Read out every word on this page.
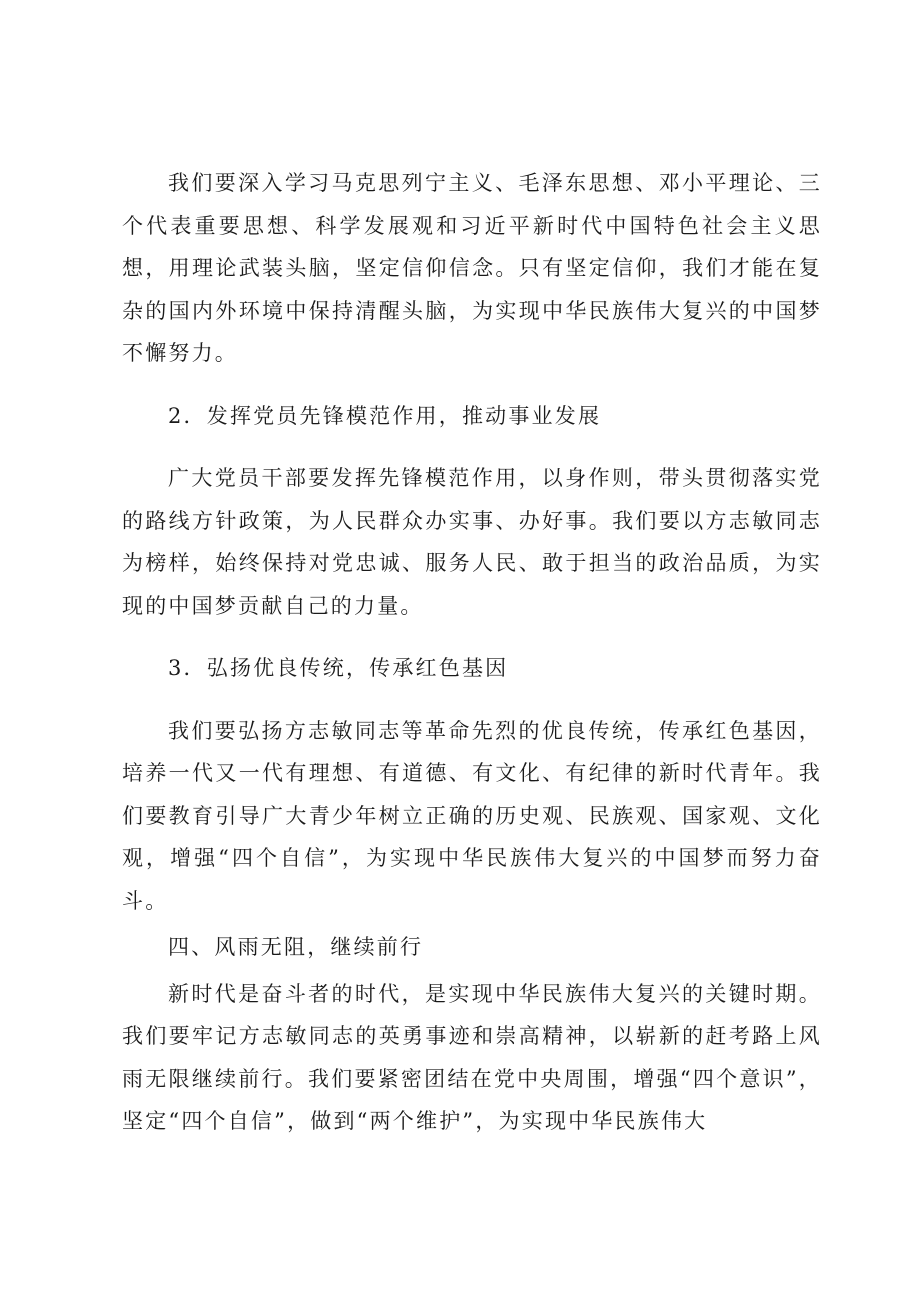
我们要深入学习马克思列宁主义、毛泽东思想、邓小平理论、三个代表重要思想、科学发展观和习近平新时代中国特色社会主义思想，用理论武装头脑，坚定信仰信念。只有坚定信仰，我们才能在复杂的国内外环境中保持清醒头脑，为实现中华民族伟大复兴的中国梦不懈努力。

2．发挥党员先锋模范作用，推动事业发展

广大党员干部要发挥先锋模范作用，以身作则，带头贯彻落实党的路线方针政策，为人民群众办实事、办好事。我们要以方志敏同志为榜样，始终保持对党忠诚、服务人民、敢于担当的政治品质，为实现的中国梦贡献自己的力量。

3．弘扬优良传统，传承红色基因

我们要弘扬方志敏同志等革命先烈的优良传统，传承红色基因，培养一代又一代有理想、有道德、有文化、有纪律的新时代青年。我们要教育引导广大青少年树立正确的历史观、民族观、国家观、文化观，增强“四个自信”，为实现中华民族伟大复兴的中国梦而努力奋斗。

四、风雨无阻，继续前行

新时代是奋斗者的时代，是实现中华民族伟大复兴的关键时期。我们要牢记方志敏同志的英勇事迹和崇高精神，以崭新的赶考路上风雨无限继续前行。我们要紧密团结在党中央周围，增强“四个意识”，坚定“四个自信”，做到“两个维护”，为实现中华民族伟大
